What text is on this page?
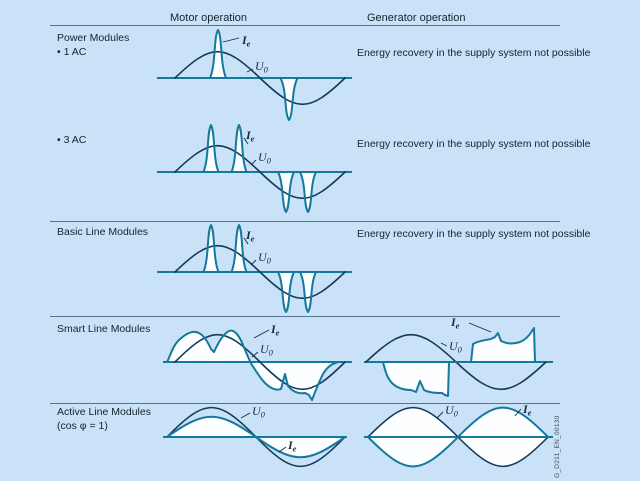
Motor operation	Generator operation
Power Modules
• 1 AC
• 3 AC
Basic Line Modules
Smart Line Modules
Active Line Modules
(cos φ = 1)
Energy recovery in the supply system not possible
Energy recovery in the supply system not possible
Energy recovery in the supply system not possible
$I_e$
$U_0$
$I_e$
$U_0$
$I_e$
$U_0$
$I_e$
$U_0$
$I_e$
$U_0$
$U_0$
$I_e$
$U_0$	$I_e$
G_D211_EN_00130
